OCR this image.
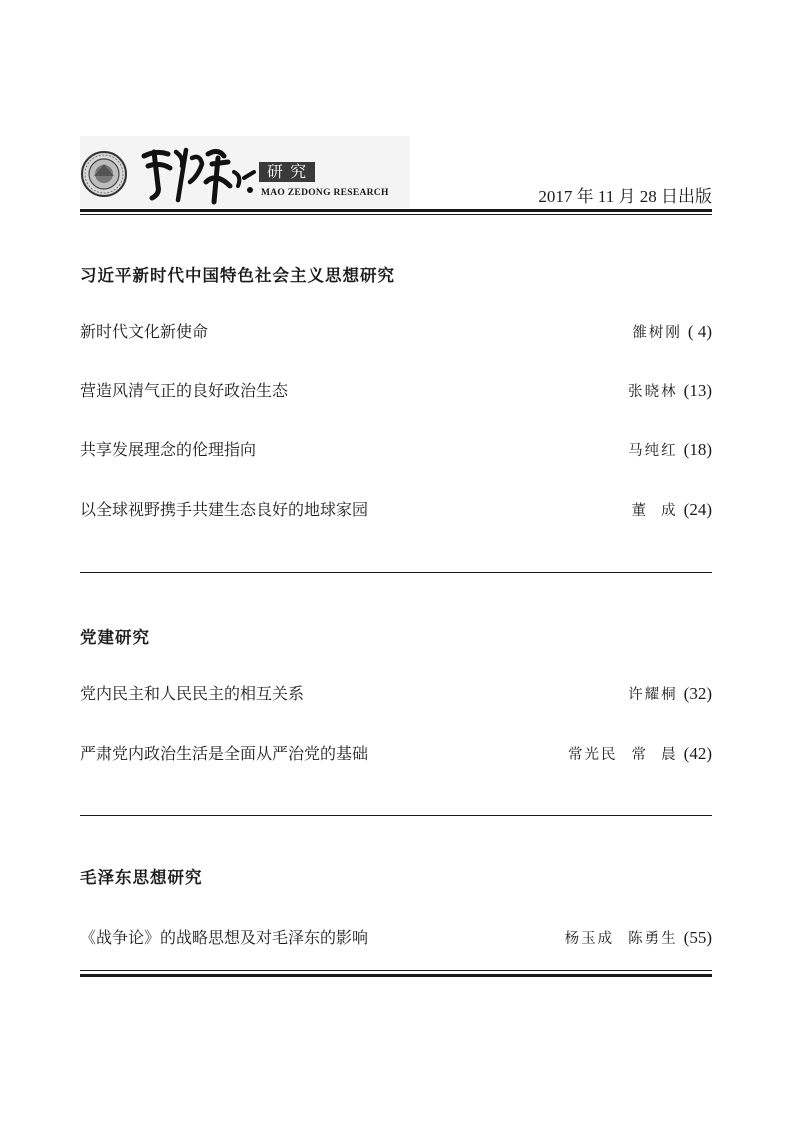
研 究
MAO ZEDONG RESEARCH	2017 年 11 月 28 日出版
习近平新时代中国特色社会主义思想研究
新时代文化新使命	雒树刚 ( 4)
营造风清气正的良好政治生态	张晓林 (13)
共享发展理念的伦理指向	马纯红 (18)
以全球视野携手共建生态良好的地球家园	董  成 (24)
党建研究
党内民主和人民民主的相互关系	许耀桐 (32)
严肃党内政治生活是全面从严治党的基础	常光民 常  晨 (42)
毛泽东思想研究
《战争论》的战略思想及对毛泽东的影响	杨玉成 陈勇生 (55)
